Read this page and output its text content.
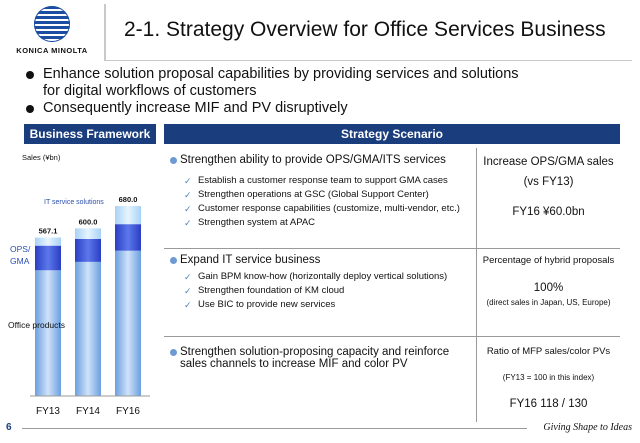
KONICA MINOLTA
2-1. Strategy Overview for Office Services Business
Enhance solution proposal capabilities by providing services and solutions
for digital workflows of customers
Consequently increase MIF and PV disruptively
Business Framework	Strategy Scenario
Sales (¥bn)
567.1
FY13
600.0
FY14
680.0
FY16
IT service solutions
OPS/
GMA
Office products
Strengthen ability to provide OPS/GMA/ITS services
✓ Establish a customer response team to support GMA cases
✓ Strengthen operations at GSC (Global Support Center)
✓ Customer response capabilities (customize, multi-vendor, etc.)
✓ Strengthen system at APAC
Increase OPS/GMA sales
(vs FY13)
FY16 ¥60.0bn
Expand IT service business
✓ Gain BPM know-how (horizontally deploy vertical solutions)
✓ Strengthen foundation of KM cloud
✓ Use BIC to provide new services
Percentage of hybrid proposals
100%
(direct sales in Japan, US, Europe)
Strengthen solution-proposing capacity and reinforce
sales channels to increase MIF and color PV
Ratio of MFP sales/color PVs
(FY13 = 100 in this index)
FY16 118 / 130
6	Giving Shape to Ideas
